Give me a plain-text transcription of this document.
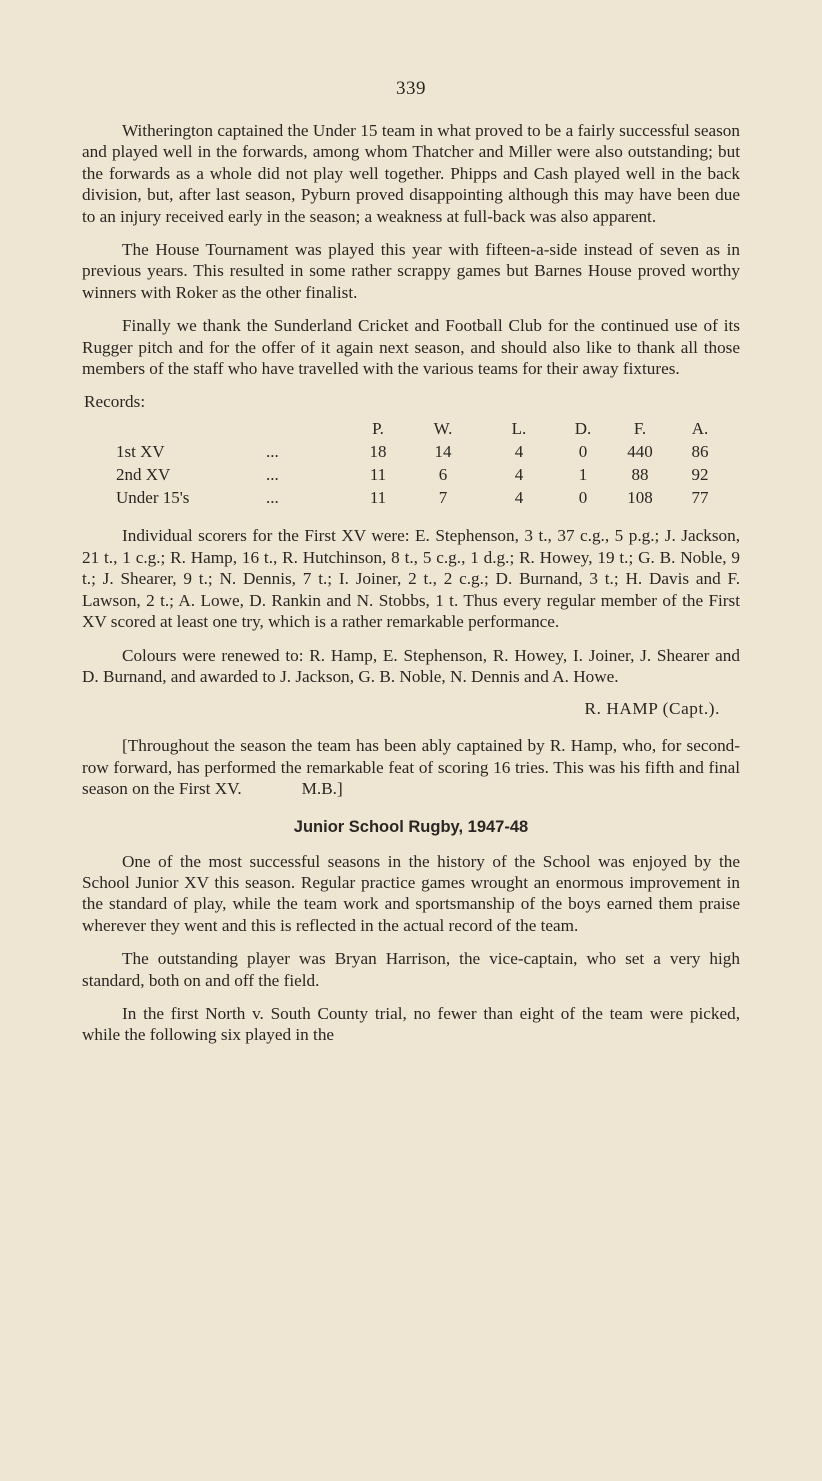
339

Witherington captained the Under 15 team in what proved to be a fairly successful season and played well in the forwards, among whom Thatcher and Miller were also outstanding; but the forwards as a whole did not play well together. Phipps and Cash played well in the back division, but, after last season, Pyburn proved disappointing although this may have been due to an injury received early in the season; a weakness at full-back was also apparent.

The House Tournament was played this year with fifteen-a-side instead of seven as in previous years. This resulted in some rather scrappy games but Barnes House proved worthy winners with Roker as the other finalist.

Finally we thank the Sunderland Cricket and Football Club for the continued use of its Rugger pitch and for the offer of it again next season, and should also like to thank all those members of the staff who have travelled with the various teams for their away fixtures.

Records:
		P.	W.	L.	D.	F.	A.
1st XV	...	18	14	4	0	440	86
2nd XV	...	11	6	4	1	88	92
Under 15's	...	11	7	4	0	108	77

Individual scorers for the First XV were: E. Stephenson, 3 t., 37 c.g., 5 p.g.; J. Jackson, 21 t., 1 c.g.; R. Hamp, 16 t., R. Hutchinson, 8 t., 5 c.g., 1 d.g.; R. Howey, 19 t.; G. B. Noble, 9 t.; J. Shearer, 9 t.; N. Dennis, 7 t.; I. Joiner, 2 t., 2 c.g.; D. Burnand, 3 t.; H. Davis and F. Lawson, 2 t.; A. Lowe, D. Rankin and N. Stobbs, 1 t. Thus every regular member of the First XV scored at least one try, which is a rather remarkable performance.

Colours were renewed to: R. Hamp, E. Stephenson, R. Howey, I. Joiner, J. Shearer and D. Burnand, and awarded to J. Jackson, G. B. Noble, N. Dennis and A. Howe.

R. HAMP (Capt.).

[Throughout the season the team has been ably captained by R. Hamp, who, for second-row forward, has performed the remarkable feat of scoring 16 tries. This was his fifth and final season on the First XV.	M.B.]

Junior School Rugby, 1947-48

One of the most successful seasons in the history of the School was enjoyed by the School Junior XV this season. Regular practice games wrought an enormous improvement in the standard of play, while the team work and sportsmanship of the boys earned them praise wherever they went and this is reflected in the actual record of the team.

The outstanding player was Bryan Harrison, the vice-captain, who set a very high standard, both on and off the field.

In the first North v. South County trial, no fewer than eight of the team were picked, while the following six played in the
